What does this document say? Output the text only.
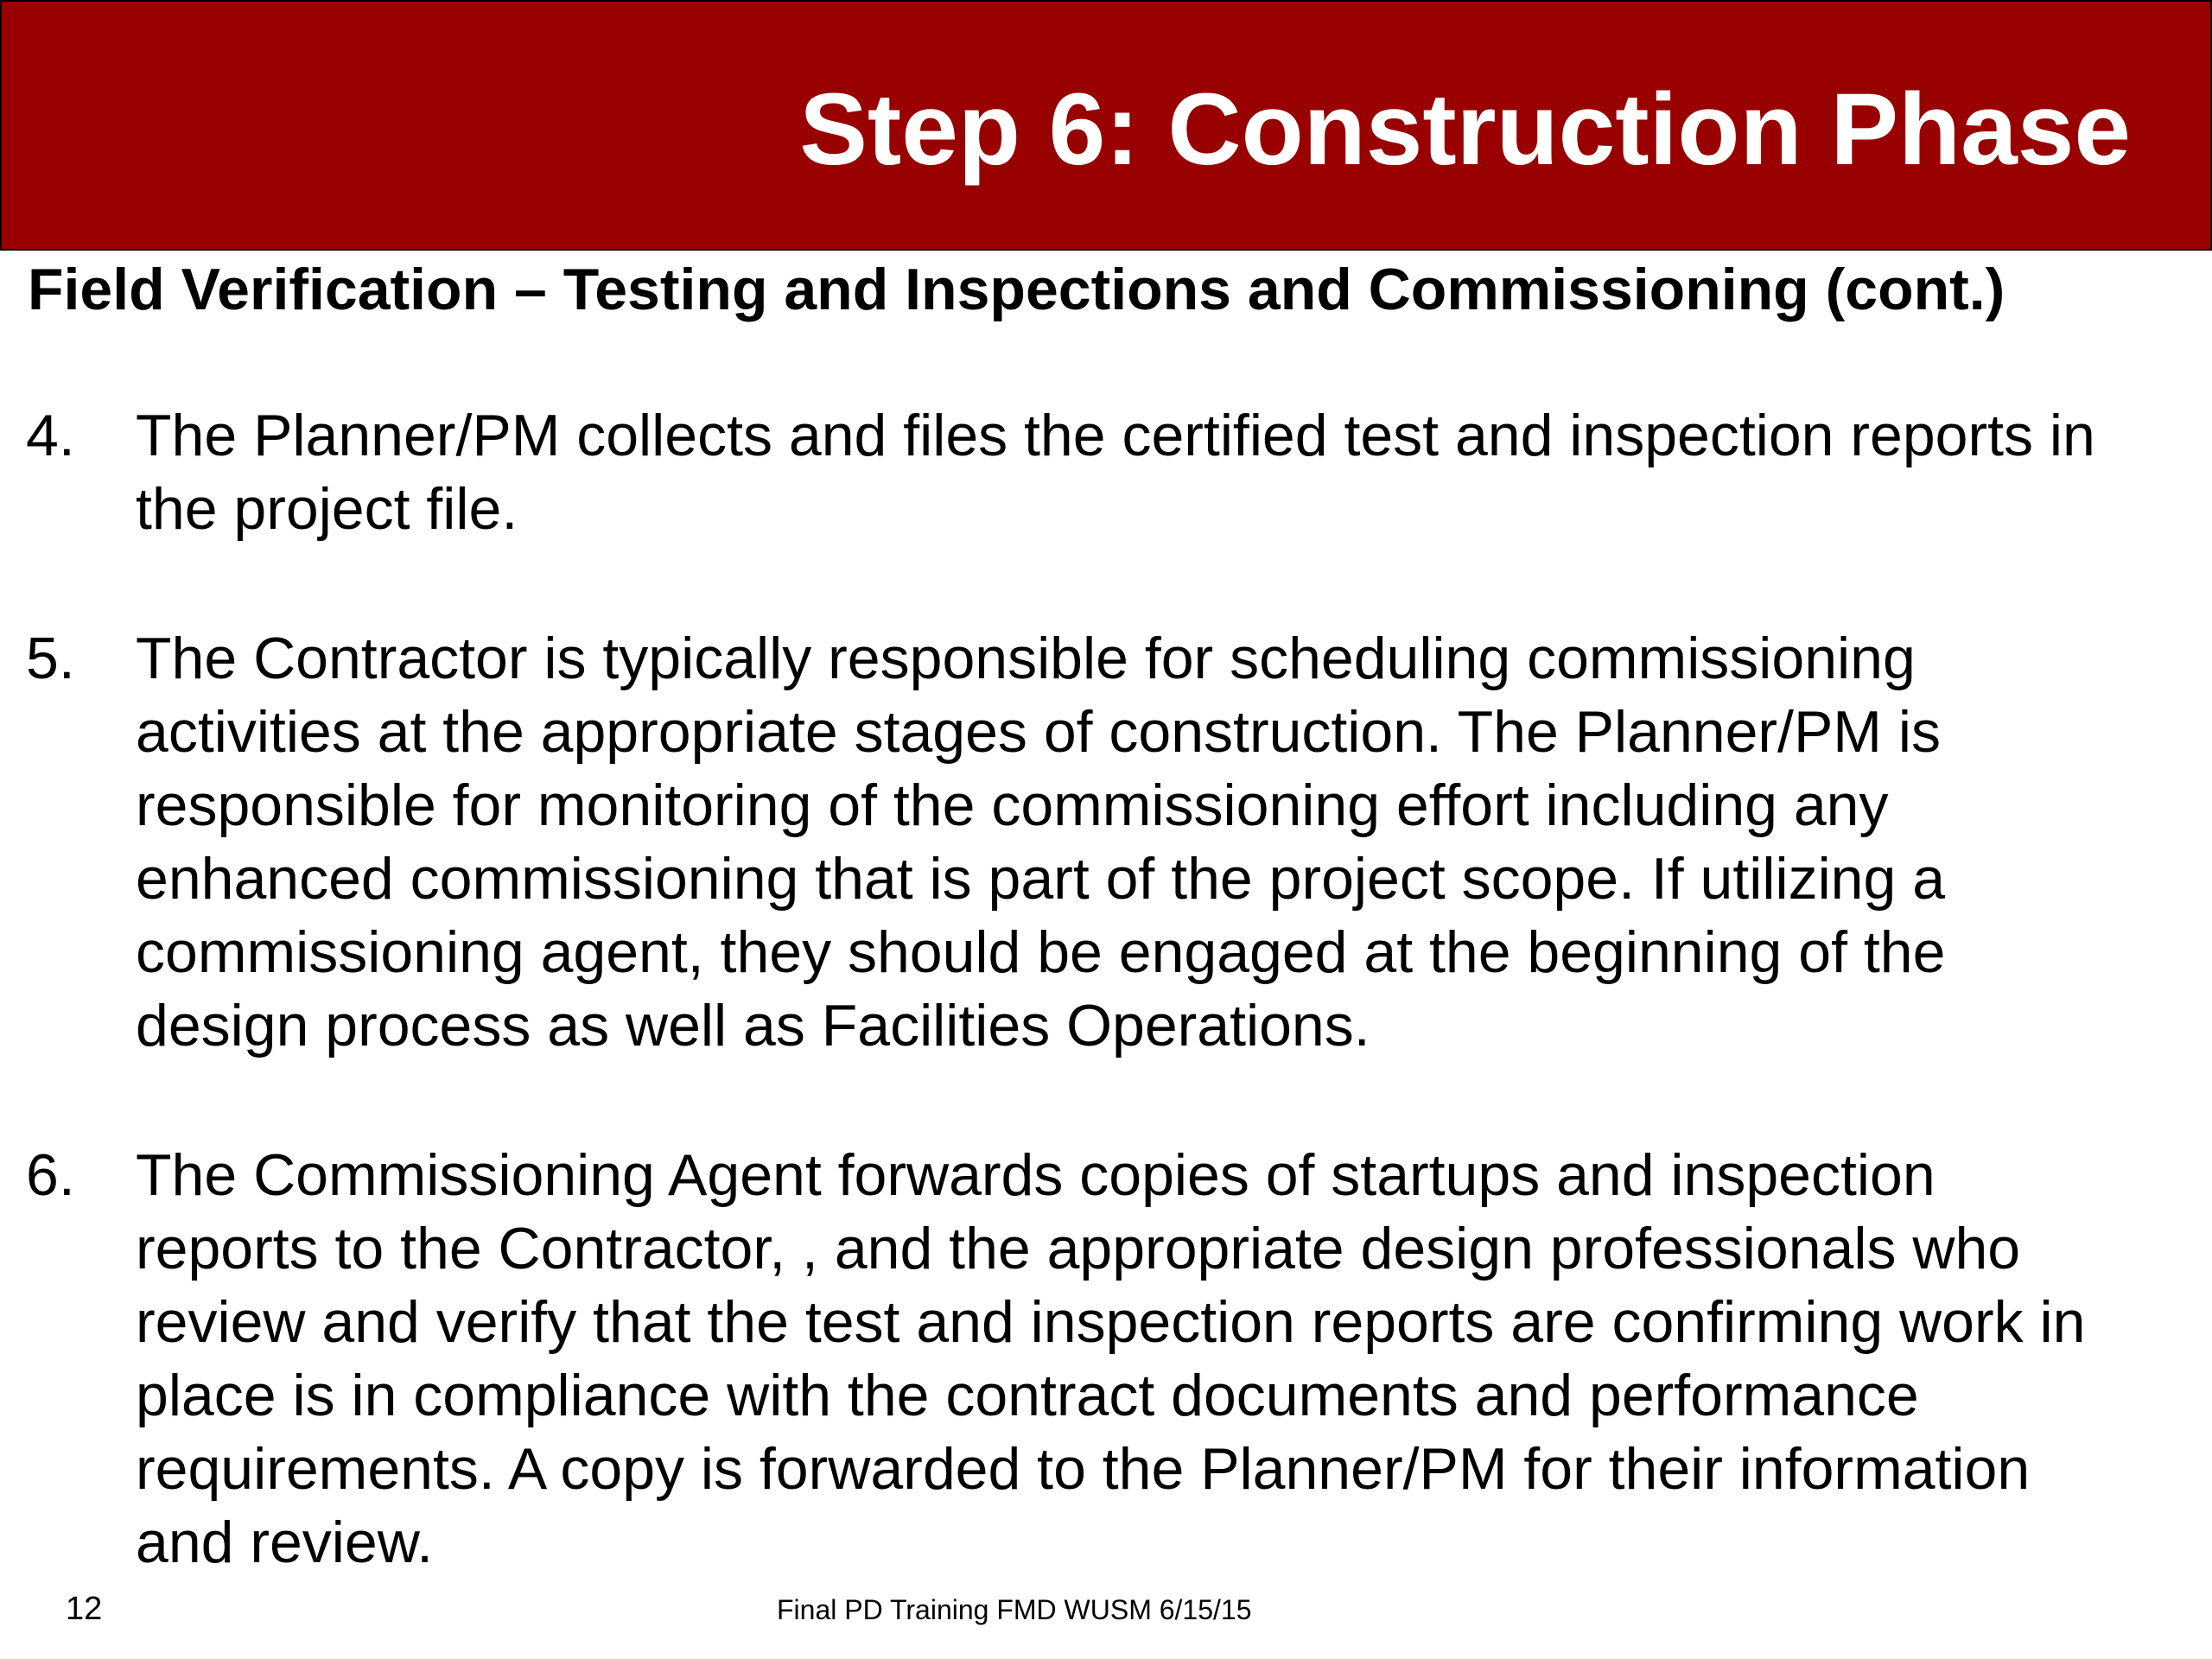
Step 6: Construction Phase
Field Verification – Testing and Inspections and Commissioning (cont.)
4. The Planner/PM collects and files the certified test and inspection reports in
the project file.

5. The Contractor is typically responsible for scheduling commissioning
activities at the appropriate stages of construction. The Planner/PM is
responsible for monitoring of the commissioning effort including any
enhanced commissioning that is part of the project scope. If utilizing a
commissioning agent, they should be engaged at the beginning of the
design process as well as Facilities Operations.

6. The Commissioning Agent forwards copies of startups and inspection
reports to the Contractor, , and the appropriate design professionals who
review and verify that the test and inspection reports are confirming work in
place is in compliance with the contract documents and performance
requirements. A copy is forwarded to the Planner/PM for their information
and review.

12	Final PD Training FMD WUSM 6/15/15
